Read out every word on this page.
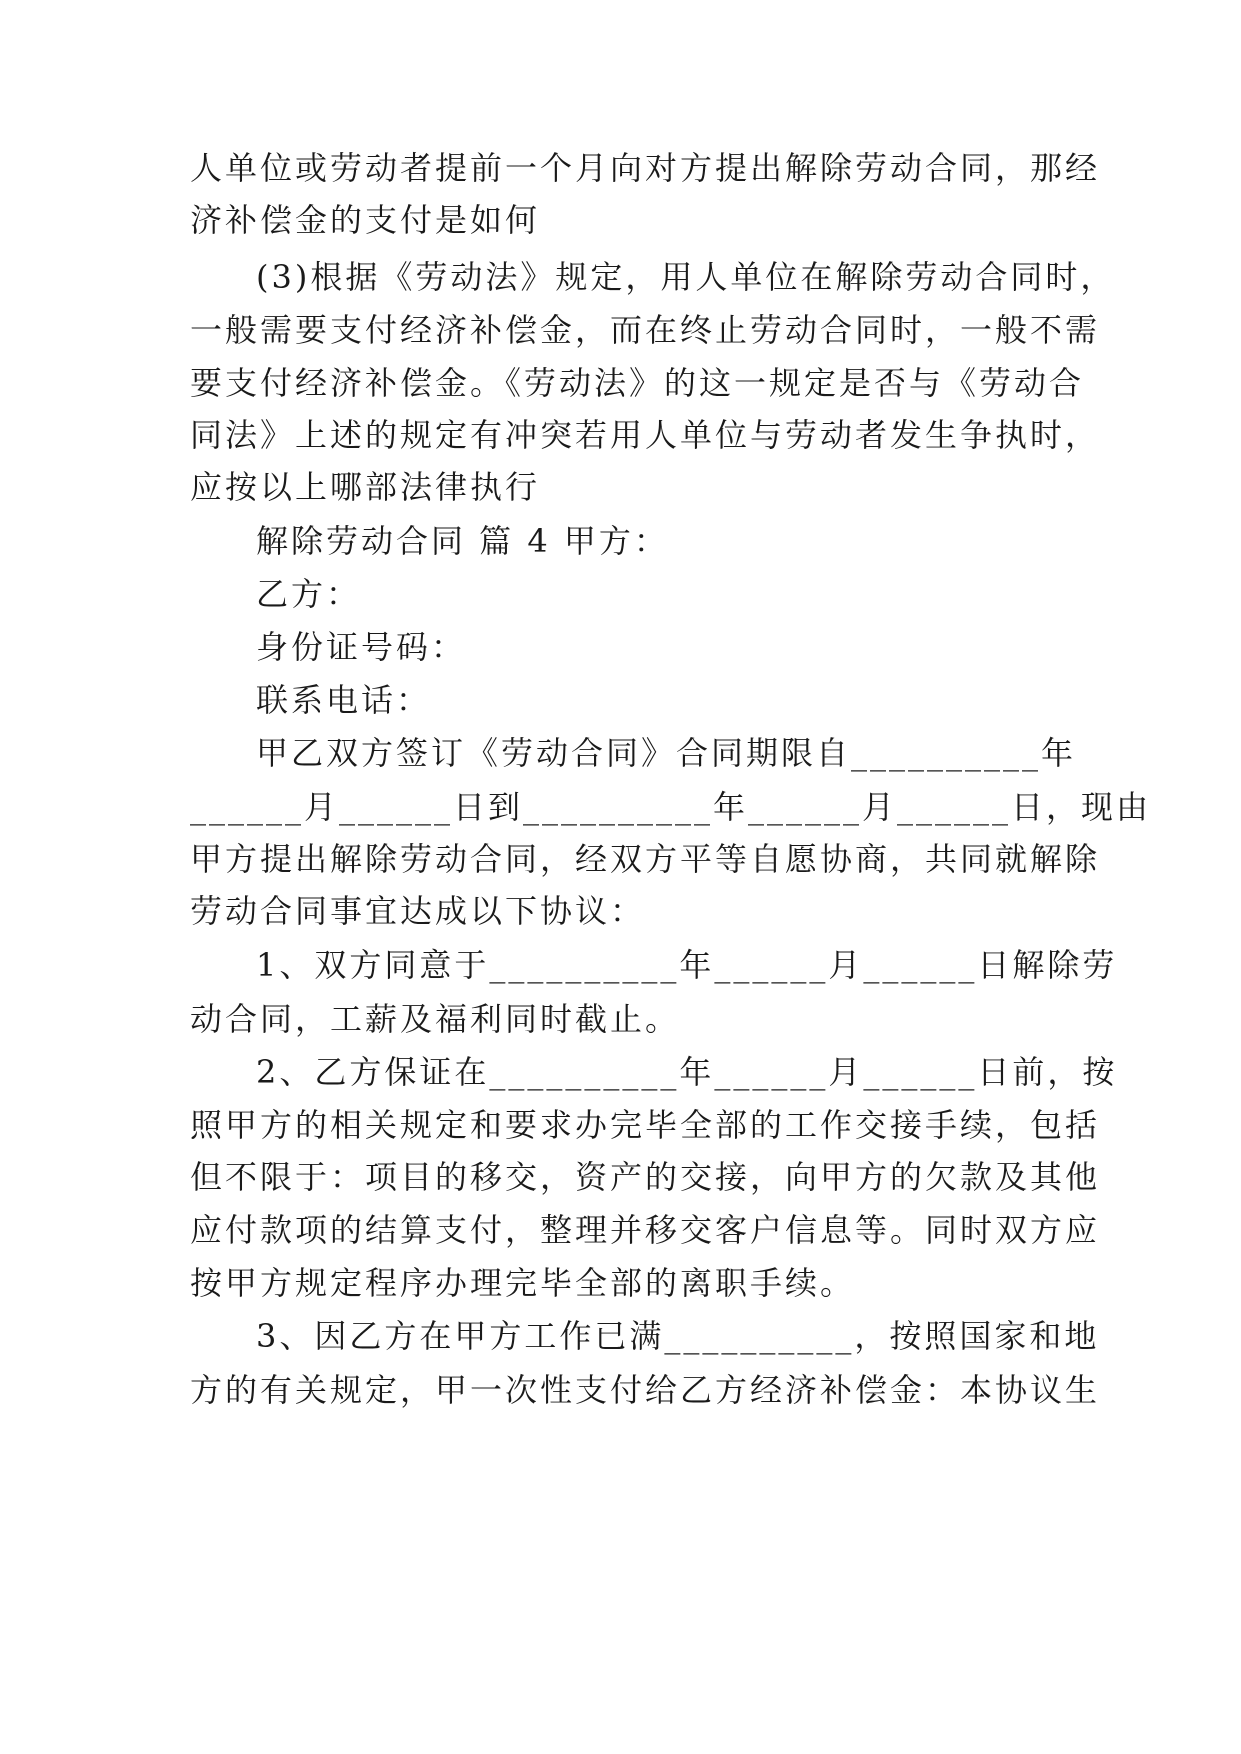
人单位或劳动者提前一个月向对方提出解除劳动合同，那经
济补偿金的支付是如何
(3)根据《劳动法》规定，用人单位在解除劳动合同时，
一般需要支付经济补偿金，而在终止劳动合同时，一般不需
要支付经济补偿金。《劳动法》的这一规定是否与《劳动合
同法》上述的规定有冲突若用人单位与劳动者发生争执时，
应按以上哪部法律执行
解除劳动合同 篇 4 甲方：
乙方：
身份证号码：
联系电话：
甲乙双方签订《劳动合同》合同期限自__________年
______月______日到__________年______月______日，现由
甲方提出解除劳动合同，经双方平等自愿协商，共同就解除
劳动合同事宜达成以下协议：
1、双方同意于__________年______月______日解除劳
动合同，工薪及福利同时截止。
2、乙方保证在__________年______月______日前，按
照甲方的相关规定和要求办完毕全部的工作交接手续，包括
但不限于：项目的移交，资产的交接，向甲方的欠款及其他
应付款项的结算支付，整理并移交客户信息等。同时双方应
按甲方规定程序办理完毕全部的离职手续。
3、因乙方在甲方工作已满__________，按照国家和地
方的有关规定，甲一次性支付给乙方经济补偿金：本协议生
